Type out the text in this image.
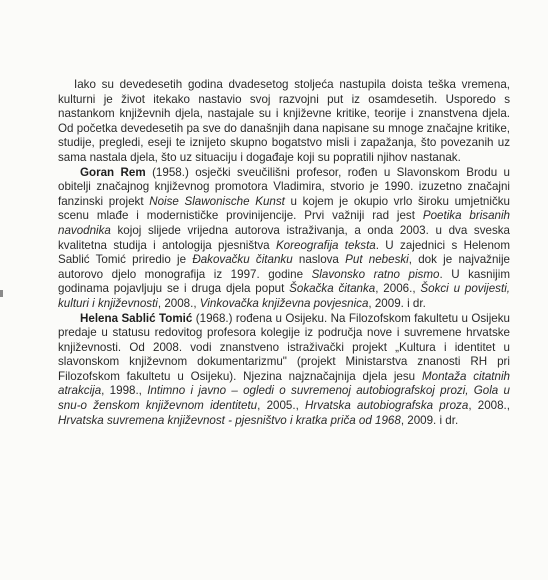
Iako su devedesetih godina dvadesetog stoljeća nastupila doista teška vremena, kulturni je život itekako nastavio svoj razvojni put iz osamdesetih. Usporedo s nastankom književnih djela, nastajale su i književne kritike, teorije i znanstvena djela. Od početka devedesetih pa sve do današnjih dana napisane su mnoge značajne kritike, studije, pregledi, eseji te iznijeto skupno bogatstvo misli i zapažanja, što povezanih uz sama nastala djela, što uz situaciju i događaje koji su popratili njihov nastanak.

Goran Rem (1958.) osječki sveučilišni profesor, rođen u Slavonskom Brodu u obitelji značajnog književnog promotora Vladimira, stvorio je 1990. izuzetno značajni fanzinski projekt Noise Slawonische Kunst u kojem je okupio vrlo široku umjetničku scenu mlađe i modernističke provinijencije. Prvi važniji rad jest Poetika brisanih navodnika kojoj slijede vrijedna autorova istraživanja, a onda 2003. u dva sveska kvalitetna studija i antologija pjesništva Koreografija teksta. U zajednici s Helenom Sablić Tomić priredio je Đakovačku čitanku naslova Put nebeski, dok je najvažnije autorovo djelo monografija iz 1997. godine Slavonsko ratno pismo. U kasnijim godinama pojavljuju se i druga djela poput Šokačka čitanka, 2006., Šokci u povijesti, kulturi i književnosti, 2008., Vinkovačka književna povjesnica, 2009. i dr.

Helena Sablić Tomić (1968.) rođena u Osijeku. Na Filozofskom fakultetu u Osijeku predaje u statusu redovitog profesora kolegije iz područja nove i suvremene hrvatske književnosti. Od 2008. vodi znanstveno istraživački projekt „Kultura i identitet u slavonskom književnom dokumentarizmu" (projekt Ministarstva znanosti RH pri Filozofskom fakultetu u Osijeku). Njezina najznačajnija djela jesu Montaža citatnih atrakcija, 1998., Intimno i javno – ogledi o suvremenoj autobiografskoj prozi, Gola u snu-o ženskom književnom identitetu, 2005., Hrvatska autobiografska proza, 2008., Hrvatska suvremena književnost - pjesništvo i kratka priča od 1968, 2009. i dr.
